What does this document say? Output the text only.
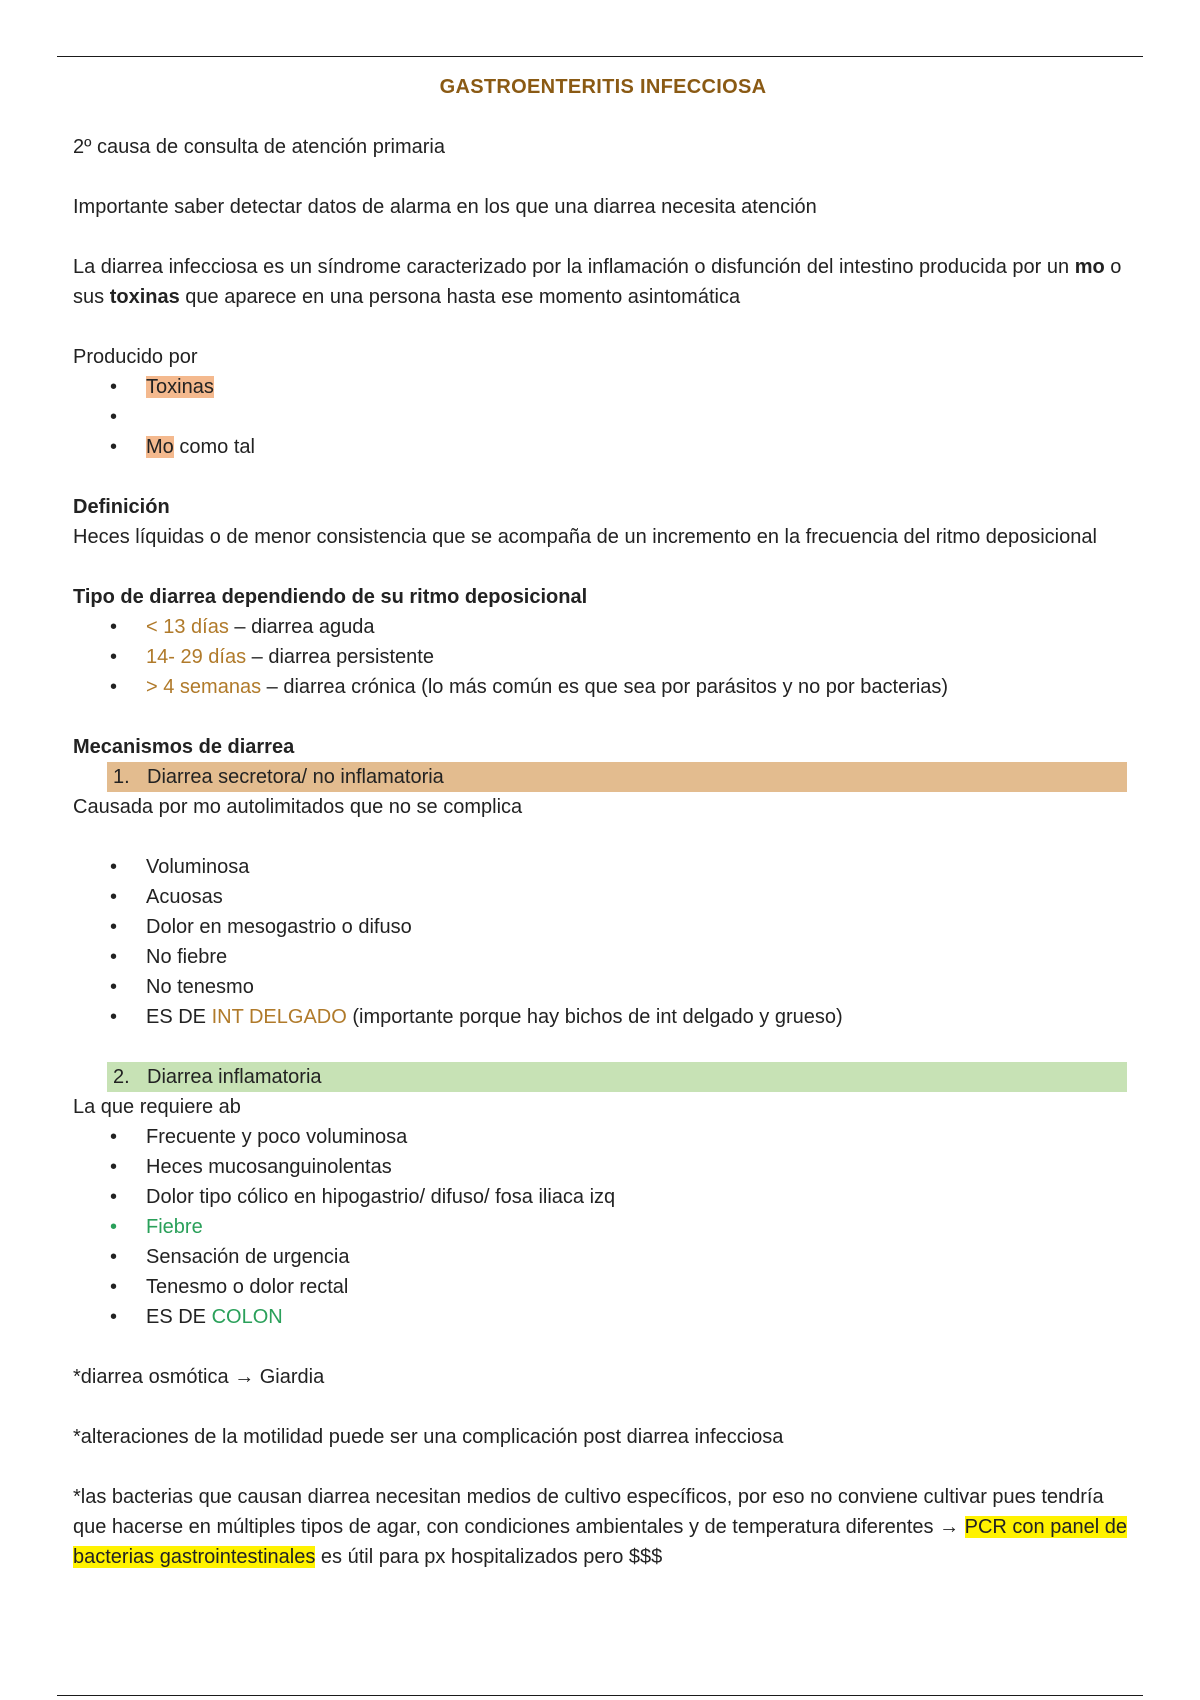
GASTROENTERITIS INFECCIOSA

2º causa de consulta de atención primaria

Importante saber detectar datos de alarma en los que una diarrea necesita atención

La diarrea infecciosa es un síndrome caracterizado por la inflamación o disfunción del intestino producida por un mo o sus toxinas que aparece en una persona hasta ese momento asintomática

Producido por

• Toxinas
•
• Mo como tal

Definición

Heces líquidas o de menor consistencia que se acompaña de un incremento en la frecuencia del ritmo deposicional

Tipo de diarrea dependiendo de su ritmo deposicional

• < 13 días – diarrea aguda
• 14- 29 días – diarrea persistente
• > 4 semanas – diarrea crónica (lo más común es que sea por parásitos y no por bacterias)

Mecanismos de diarrea

1. Diarrea secretora/ no inflamatoria

Causada por mo autolimitados que no se complica

• Voluminosa
• Acuosas
• Dolor en mesogastrio o difuso
• No fiebre
• No tenesmo
• ES DE INT DELGADO (importante porque hay bichos de int delgado y grueso)
2. Diarrea inflamatoria

La que requiere ab

• Frecuente y poco voluminosa
• Heces mucosanguinolentas
• Dolor tipo cólico en hipogastrio/ difuso/ fosa iliaca izq
• Fiebre
• Sensación de urgencia
• Tenesmo o dolor rectal
• ES DE COLON

*diarrea osmótica → Giardia

*alteraciones de la motilidad puede ser una complicación post diarrea infecciosa

*las bacterias que causan diarrea necesitan medios de cultivo específicos, por eso no conviene cultivar pues tendría que hacerse en múltiples tipos de agar, con condiciones ambientales y de temperatura diferentes → PCR con panel de bacterias gastrointestinales es útil para px hospitalizados pero $$$
